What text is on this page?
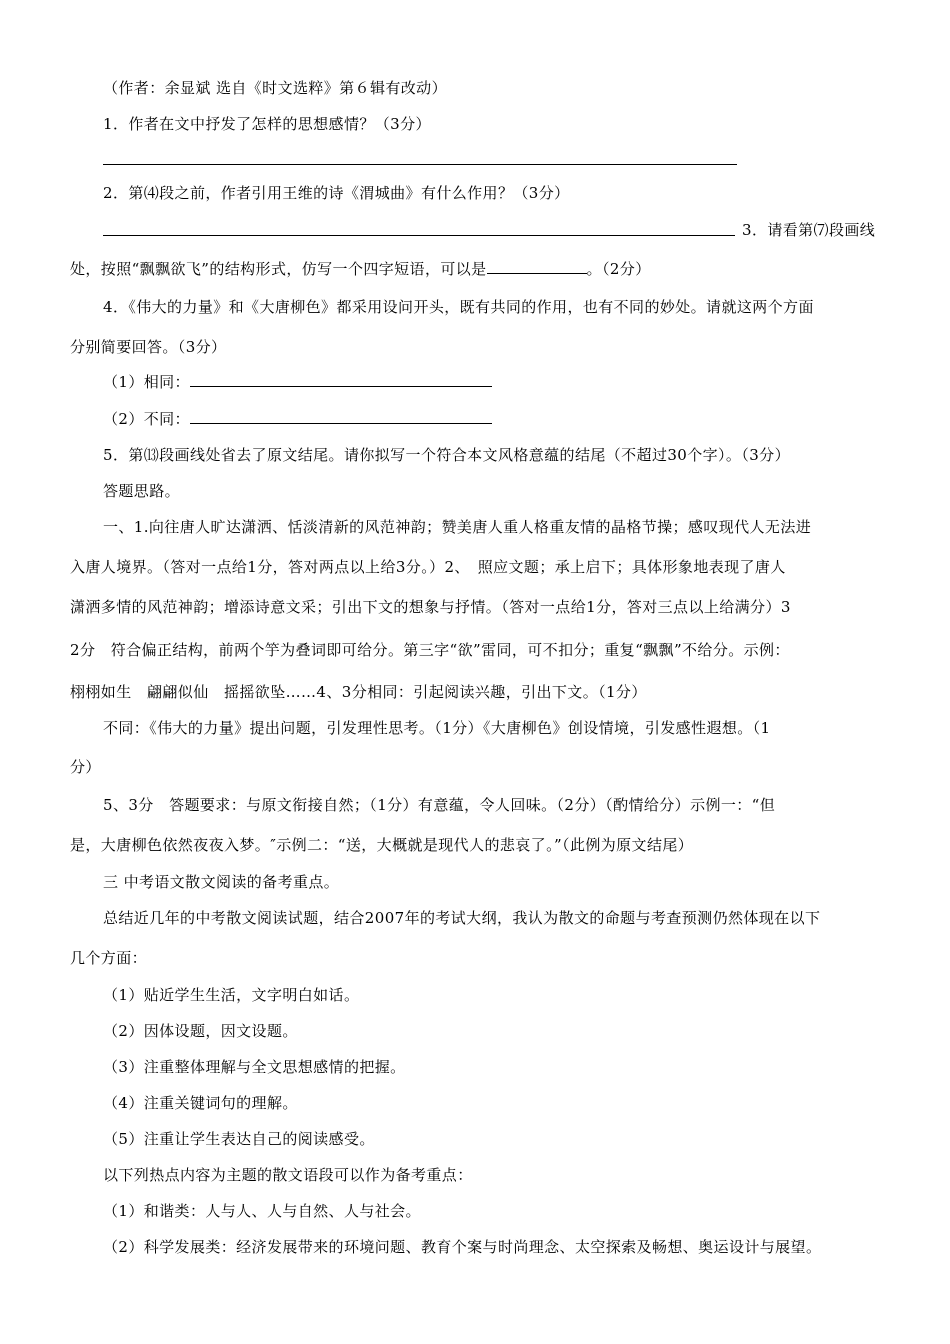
（作者：余显斌 选自《时文选粹》第６辑有改动）
1．作者在文中抒发了怎样的思想感情？（3分）
2．第⑷段之前，作者引用王维的诗《渭城曲》有什么作用？（3分）
3．请看第⑺段画线
处，按照“飘飘欲飞”的结构形式，仿写一个四字短语，可以是	。（2分）
4．《伟大的力量》和《大唐柳色》都采用设问开头，既有共同的作用，也有不同的妙处。请就这两个方面
分别简要回答。（3分）
（1）相同：
（2）不同：
5．第⒀段画线处省去了原文结尾。请你拟写一个符合本文风格意蕴的结尾（不超过30个字）。（3分）
答题思路。
一、1.向往唐人旷达潇洒、恬淡清新的风范神韵；赞美唐人重人格重友情的晶格节操；感叹现代人无法进
入唐人境界。（答对一点给1分，答对两点以上给3分。）2、　照应文题；承上启下；具体形象地表现了唐人
潇洒多情的风范神韵；增添诗意文采；引出下文的想象与抒情。（答对一点给1分，答对三点以上给满分）3
2分　符合偏正结构，前两个竽为叠词即可给分。第三字“欲”雷同，可不扣分；重复“飘飘”不给分。示例：
栩栩如生　翩翩似仙　摇摇欲坠……4、3分相同：引起阅读兴趣，引出下文。（1分）
不同：《伟大的力量》提出问题，引发理性思考。（1分）《大唐柳色》创设情境，引发感性遐想。（1
分）
5、3分　答题要求：与原文衔接自然；（1分）有意蕴，令人回味。（2分）（酌情给分）示例一：“但
是，大唐柳色依然夜夜入梦。″示例二：“送，大概就是现代人的悲哀了。”（此例为原文结尾）
三 中考语文散文阅读的备考重点。
总结近几年的中考散文阅读试题，结合2007年的考试大纲，我认为散文的命题与考查预测仍然体现在以下
几个方面：
（1）贴近学生生活，文字明白如话。
（2）因体设题，因文设题。
（3）注重整体理解与全文思想感情的把握。
（4）注重关键词句的理解。
（5）注重让学生表达自己的阅读感受。
以下列热点内容为主题的散文语段可以作为备考重点：
（1）和谐类：人与人、人与自然、人与社会。
（2）科学发展类：经济发展带来的环境问题、教育个案与时尚理念、太空探索及畅想、奥运设计与展望。
